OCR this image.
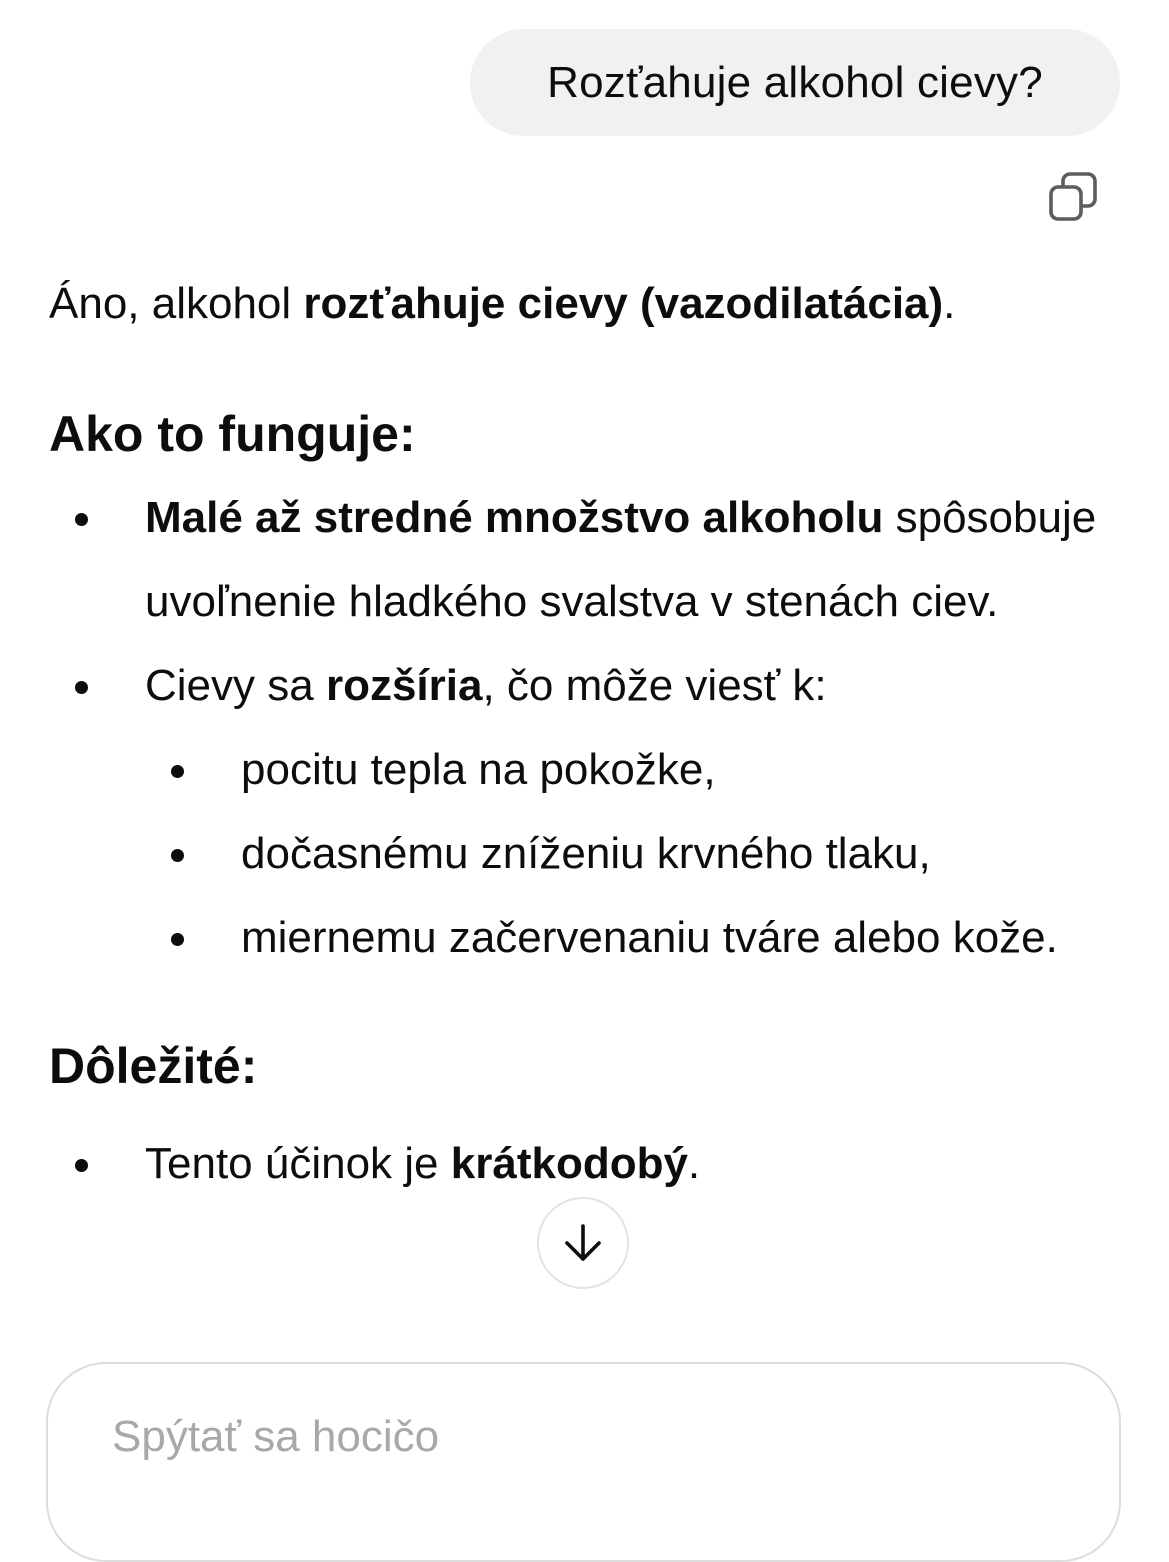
Rozťahuje alkohol cievy?

Áno, alkohol rozťahuje cievy (vazodilatácia).

Ako to funguje:
Malé až stredné množstvo alkoholu spôsobuje uvoľnenie hladkého svalstva v stenách ciev.
Cievy sa rozšíria, čo môže viesť k:
pocitu tepla na pokožke,
dočasnému zníženiu krvného tlaku,
miernemu začervenaniu tváre alebo kože.
Dôležité:
Tento účinok je krátkodobý.
Spýtať sa hocičo
